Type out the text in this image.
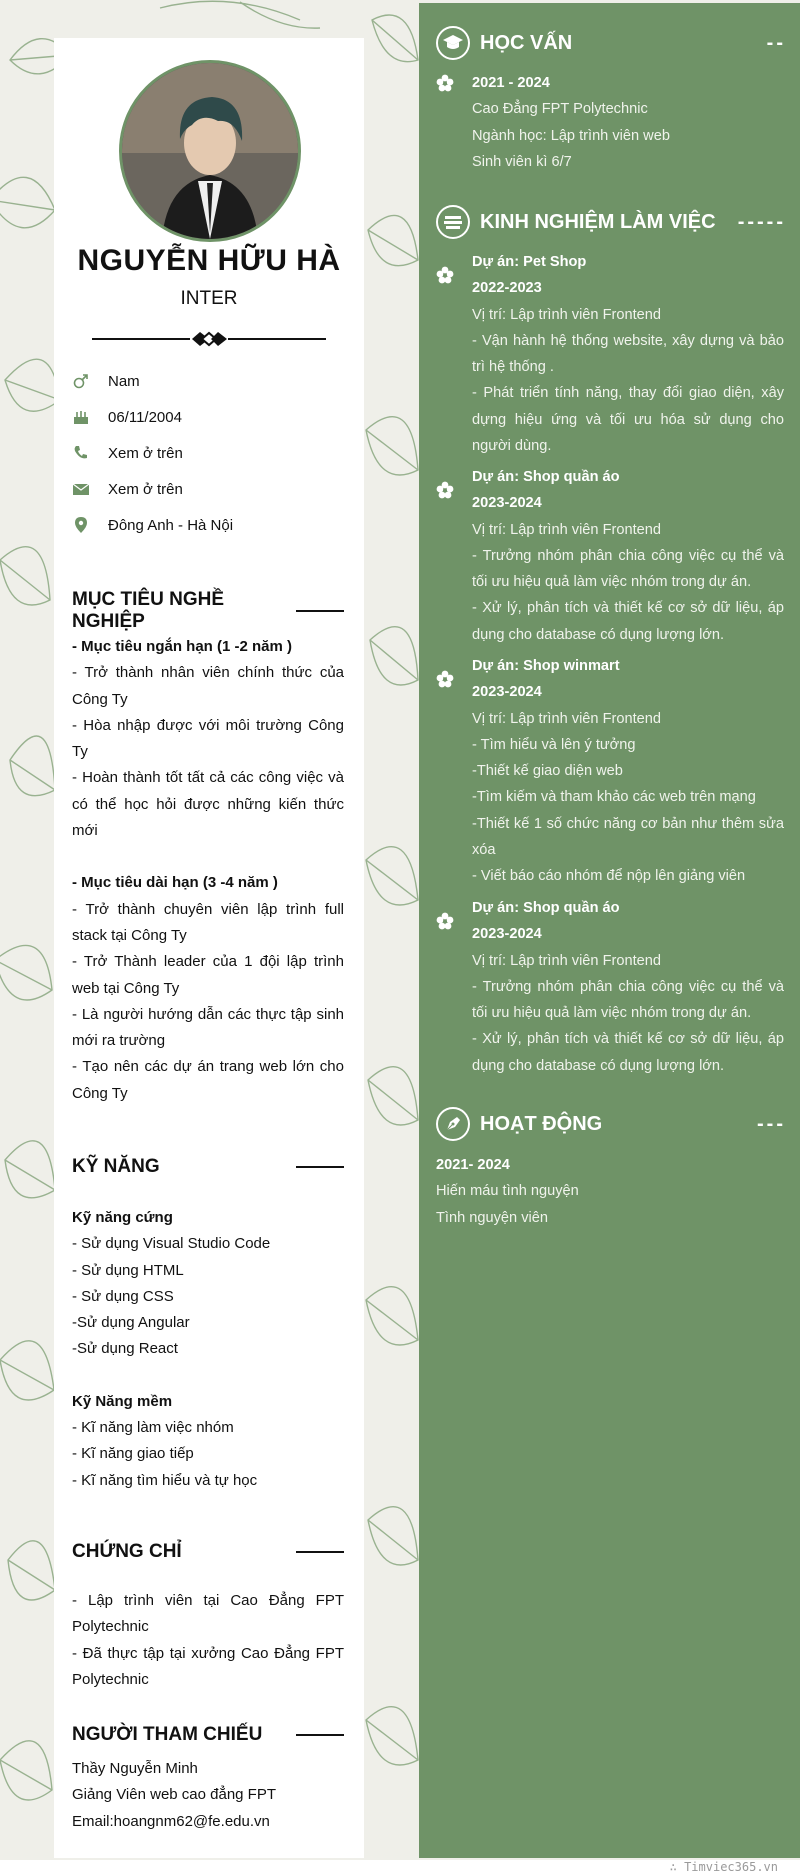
NGUYỄN HỮU HÀ
INTER
Nam
06/11/2004
Xem ở trên
Xem ở trên
Đông Anh - Hà Nội
MỤC TIÊU NGHỀ NGHIỆP

- Mục tiêu ngắn hạn (1 -2 năm )

- Trở thành nhân viên chính thức của Công Ty

- Hòa nhập được với môi trường Công Ty

- Hoàn thành tốt tất cả các công việc và có thể học hỏi được những kiến thức mới

- Mục tiêu dài hạn (3 -4 năm )

- Trở thành chuyên viên lập trình full stack tại Công Ty

- Trở Thành leader của 1 đội lập trình web tại Công Ty

- Là người hướng dẫn các thực tập sinh mới ra trường

- Tạo nên các dự án trang web lớn cho Công Ty

KỸ NĂNG

Kỹ năng cứng

- Sử dụng Visual Studio Code

- Sử dụng HTML

- Sử dụng CSS

-Sử dụng Angular

-Sử dụng React

Kỹ Năng mềm

- Kĩ năng làm việc nhóm

- Kĩ năng giao tiếp

- Kĩ năng tìm hiểu và tự học

CHỨNG CHỈ

- Lập trình viên tại Cao Đẳng FPT Polytechnic

- Đã thực tập tại xưởng Cao Đẳng FPT Polytechnic

NGƯỜI THAM CHIẾU

Thầy Nguyễn Minh

Giảng Viên web cao đẳng FPT

Email:hoangnm62@fe.edu.vn

HỌC VẤN	--

2021 - 2024

Cao Đẳng FPT Polytechnic

Ngành học: Lập trình viên web

Sinh viên kì 6/7

KINH NGHIỆM LÀM VIỆC -----

Dự án: Pet Shop

2022-2023

Vị trí: Lập trình viên Frontend

- Vận hành hệ thống website, xây dựng và bảo trì hệ thống .

- Phát triển tính năng, thay đổi giao diện, xây dựng hiệu ứng và tối ưu hóa sử dụng cho người dùng.

Dự án: Shop quần áo

2023-2024

Vị trí: Lập trình viên Frontend

- Trưởng nhóm phân chia công việc cụ thể và tối ưu hiệu quả làm việc nhóm trong dự án.

- Xử lý, phân tích và thiết kế cơ sở dữ liệu, áp dụng cho database có dụng lượng lớn.

Dự án: Shop winmart

2023-2024

Vị trí: Lập trình viên Frontend

- Tìm hiểu và lên ý tưởng

-Thiết kế giao diện web

-Tìm kiếm và tham khảo các web trên mạng

-Thiết kế 1 số chức năng cơ bản như thêm sửa xóa

- Viết báo cáo nhóm để nộp lên giảng viên

Dự án: Shop quần áo

2023-2024

Vị trí: Lập trình viên Frontend

- Trưởng nhóm phân chia công việc cụ thể và tối ưu hiệu quả làm việc nhóm trong dự án.

- Xử lý, phân tích và thiết kế cơ sở dữ liệu, áp dụng cho database có dụng lượng lớn.

HOẠT ĐỘNG	---

2021- 2024

Hiến máu tình nguyện

Tình nguyện viên

∴ Timviec365.vn
